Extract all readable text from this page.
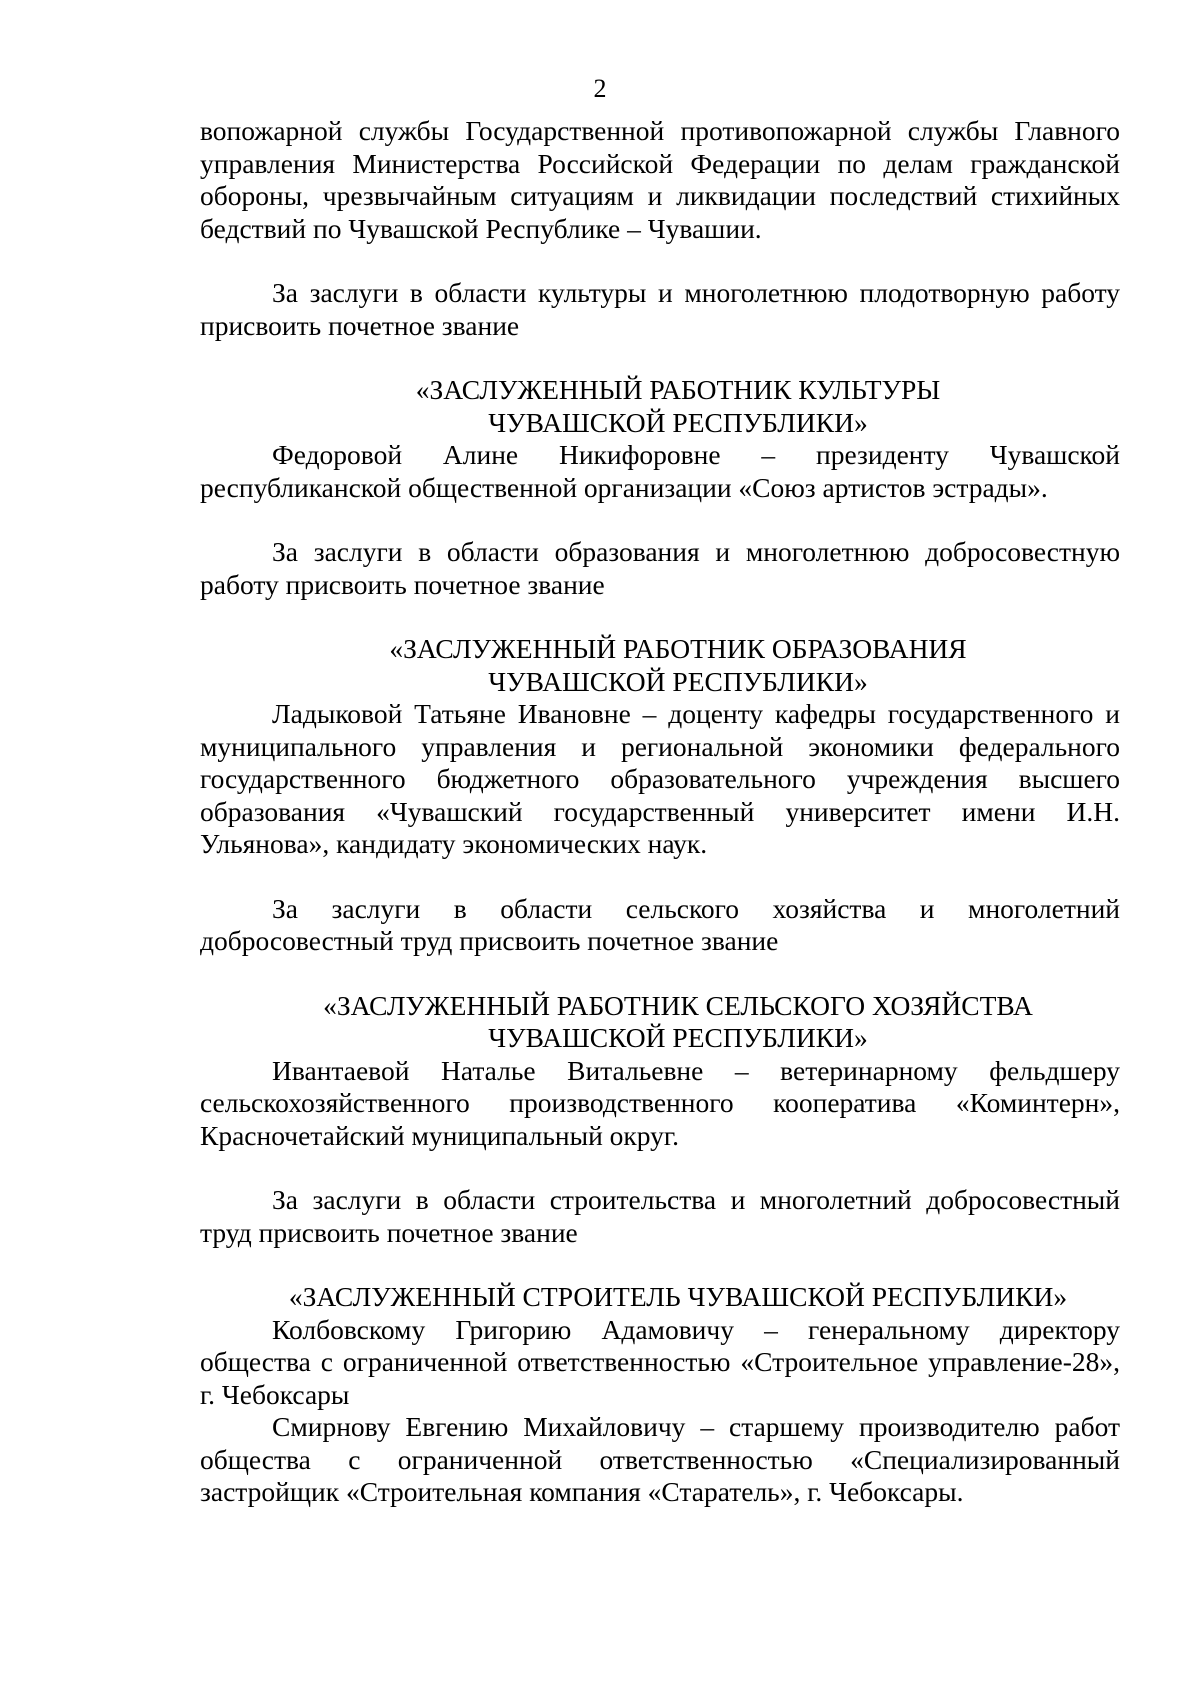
2

вопожарной службы Государственной противопожарной службы Главного управления Министерства Российской Федерации по делам гражданской обороны, чрезвычайным ситуациям и ликвидации последствий стихийных бедствий по Чувашской Республике – Чувашии.

За заслуги в области культуры и многолетнюю плодотворную работу присвоить почетное звание

«ЗАСЛУЖЕННЫЙ РАБОТНИК КУЛЬТУРЫ

ЧУВАШСКОЙ РЕСПУБЛИКИ»

Федоровой Алине Никифоровне – президенту Чувашской республиканской общественной организации «Союз артистов эстрады».

За заслуги в области образования и многолетнюю добросовестную работу присвоить почетное звание

«ЗАСЛУЖЕННЫЙ РАБОТНИК ОБРАЗОВАНИЯ

ЧУВАШСКОЙ РЕСПУБЛИКИ»

Ладыковой Татьяне Ивановне – доценту кафедры государственного и муниципального управления и региональной экономики федерального государственного бюджетного образовательного учреждения высшего образования «Чувашский государственный университет имени И.Н. Ульянова», кандидату экономических наук.

За заслуги в области сельского хозяйства и многолетний добросовестный труд присвоить почетное звание

«ЗАСЛУЖЕННЫЙ РАБОТНИК СЕЛЬСКОГО ХОЗЯЙСТВА

ЧУВАШСКОЙ РЕСПУБЛИКИ»

Ивантаевой Наталье Витальевне – ветеринарному фельдшеру сельскохозяйственного производственного кооператива «Коминтерн», Красночетайский муниципальный округ.

За заслуги в области строительства и многолетний добросовестный труд присвоить почетное звание

«ЗАСЛУЖЕННЫЙ СТРОИТЕЛЬ ЧУВАШСКОЙ РЕСПУБЛИКИ»

Колбовскому Григорию Адамовичу – генеральному директору общества с ограниченной ответственностью «Строительное управление-28», г. Чебоксары

Смирнову Евгению Михайловичу – старшему производителю работ общества с ограниченной ответственностью «Специализированный застройщик «Строительная компания «Старатель», г. Чебоксары.
